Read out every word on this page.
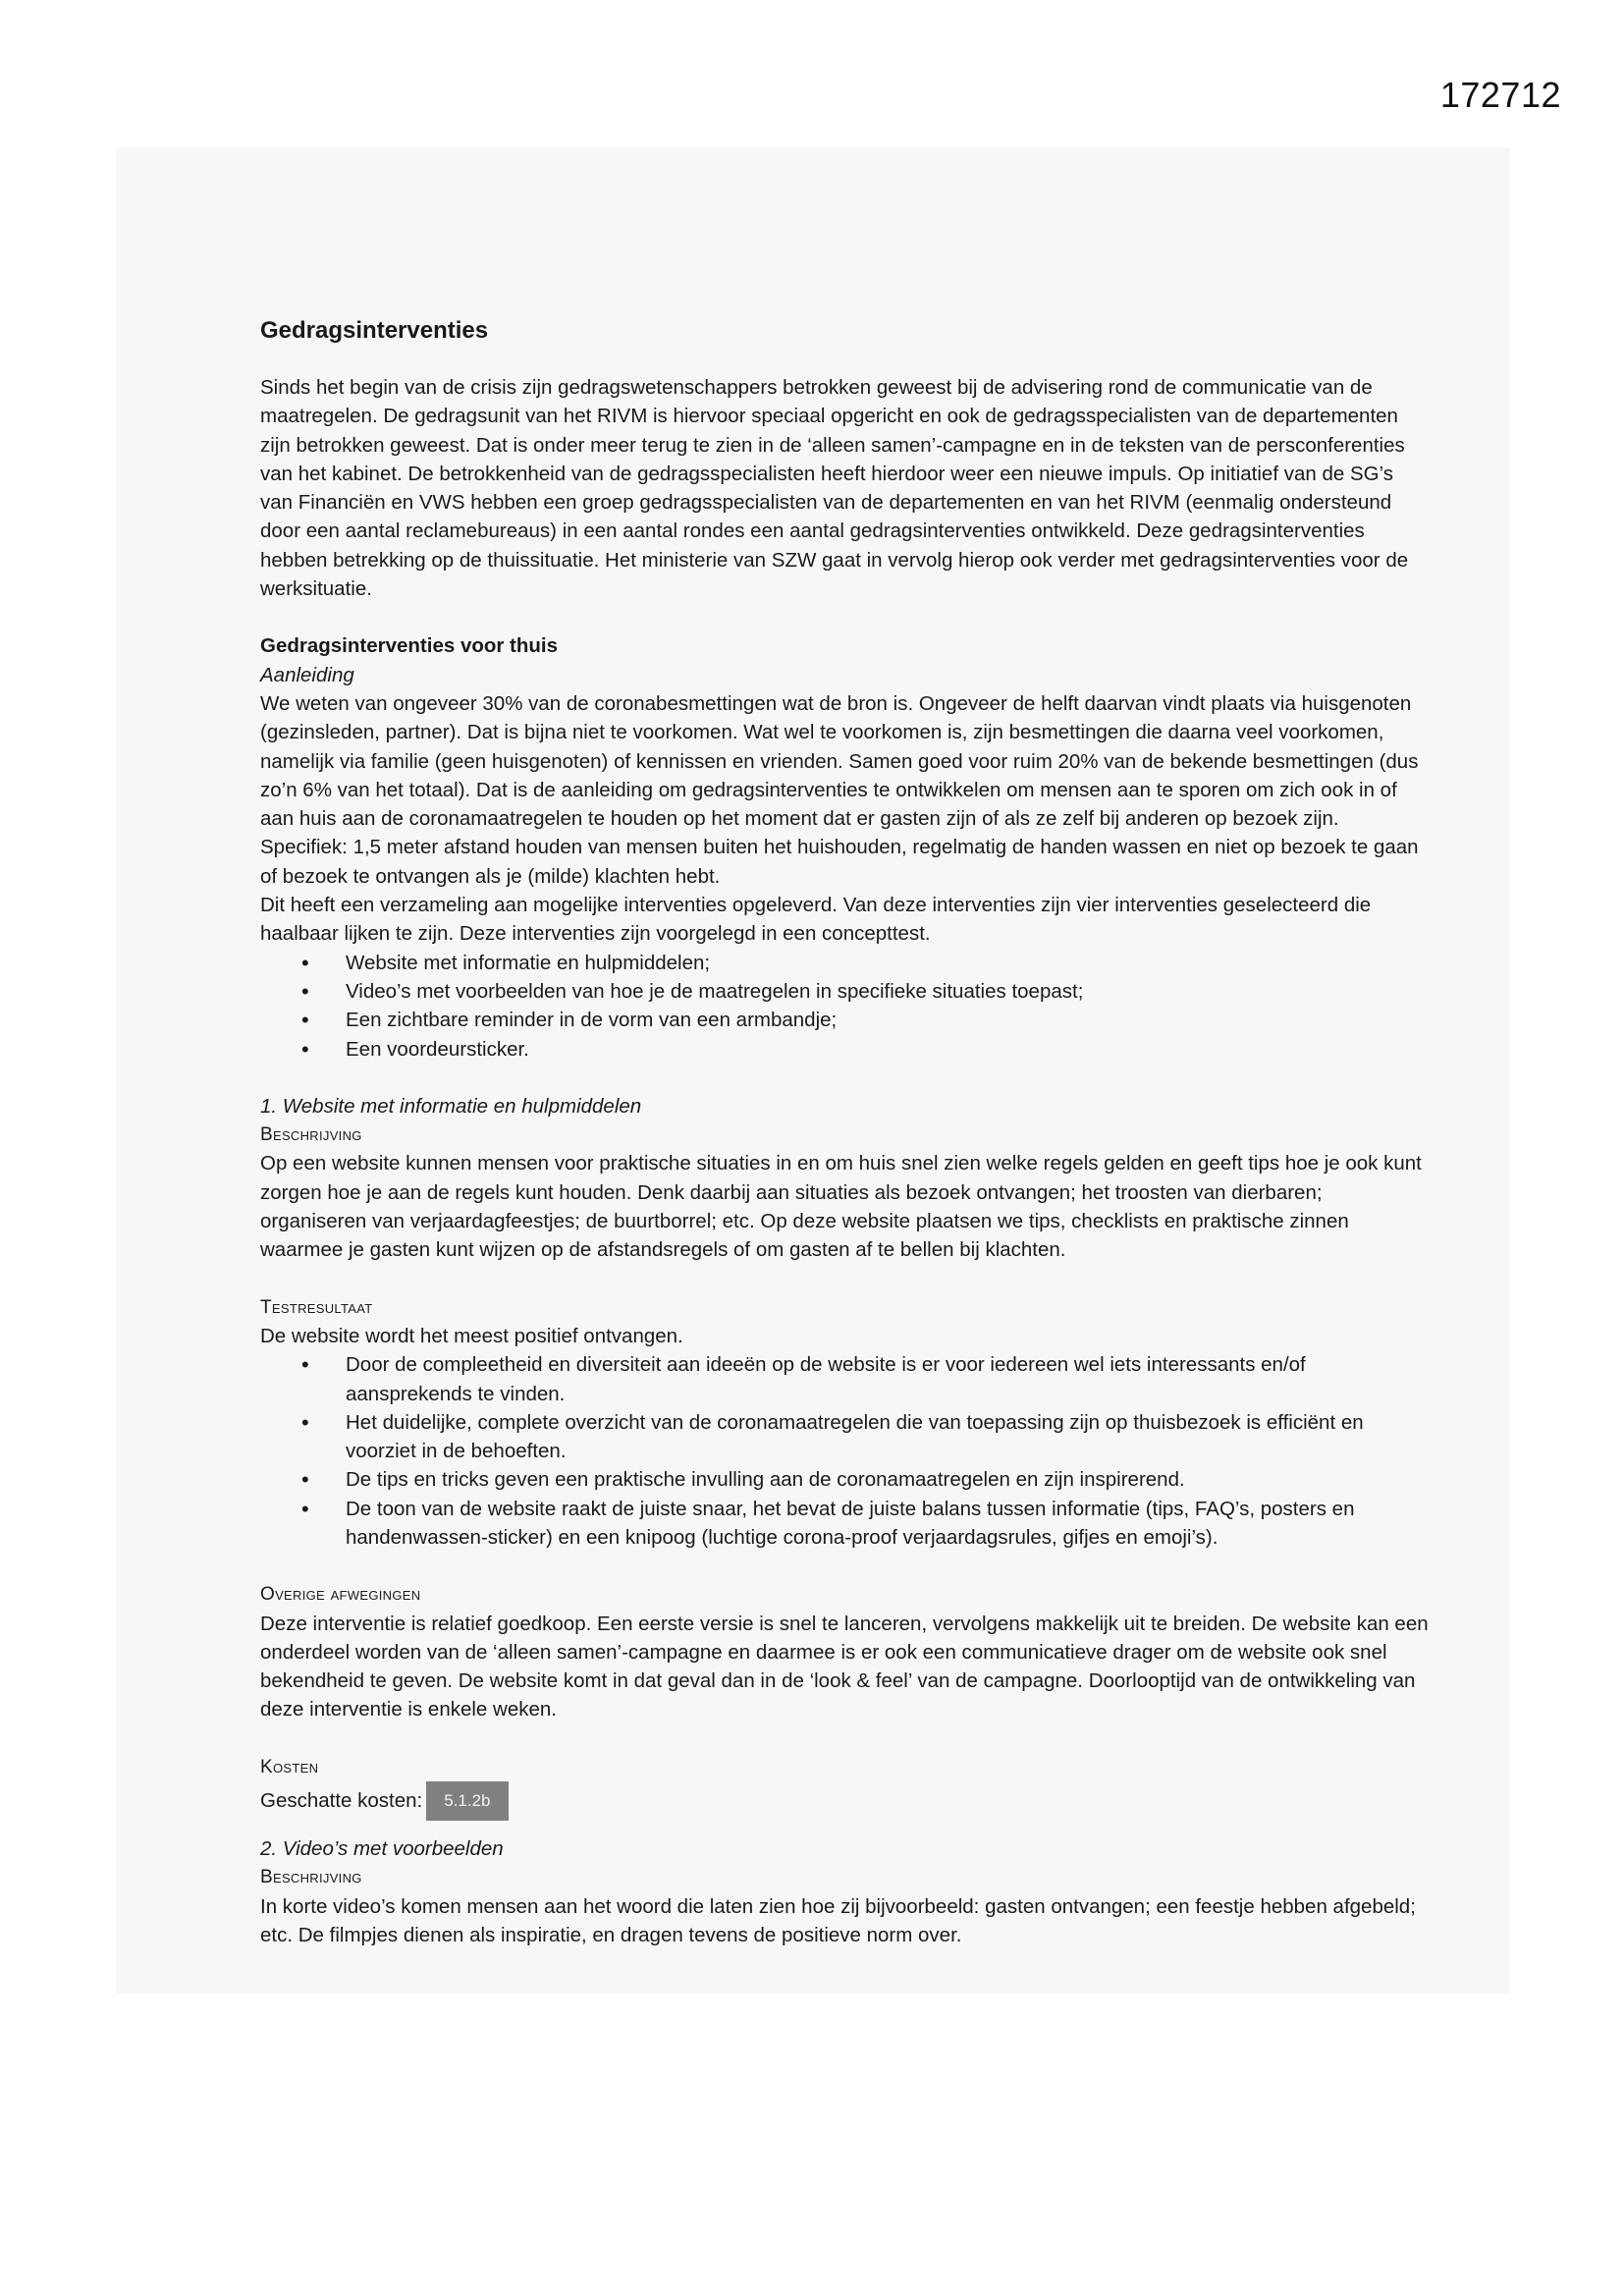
172712
Gedragsinterventies

Sinds het begin van de crisis zijn gedragswetenschappers betrokken geweest bij de advisering rond de communicatie van de maatregelen. De gedragsunit van het RIVM is hiervoor speciaal opgericht en ook de gedragsspecialisten van de departementen zijn betrokken geweest. Dat is onder meer terug te zien in de ‘alleen samen’-campagne en in de teksten van de persconferenties van het kabinet. De betrokkenheid van de gedragsspecialisten heeft hierdoor weer een nieuwe impuls. Op initiatief van de SG’s van Financiën en VWS hebben een groep gedragsspecialisten van de departementen en van het RIVM (eenmalig ondersteund door een aantal reclamebureaus) in een aantal rondes een aantal gedragsinterventies ontwikkeld. Deze gedragsinterventies hebben betrekking op de thuissituatie. Het ministerie van SZW gaat in vervolg hierop ook verder met gedragsinterventies voor de werksituatie.

Gedragsinterventies voor thuis

Aanleiding

We weten van ongeveer 30% van de coronabesmettingen wat de bron is. Ongeveer de helft daarvan vindt plaats via huisgenoten (gezinsleden, partner). Dat is bijna niet te voorkomen. Wat wel te voorkomen is, zijn besmettingen die daarna veel voorkomen, namelijk via familie (geen huisgenoten) of kennissen en vrienden. Samen goed voor ruim 20% van de bekende besmettingen (dus zo’n 6% van het totaal). Dat is de aanleiding om gedragsinterventies te ontwikkelen om mensen aan te sporen om zich ook in of aan huis aan de coronamaatregelen te houden op het moment dat er gasten zijn of als ze zelf bij anderen op bezoek zijn. Specifiek: 1,5 meter afstand houden van mensen buiten het huishouden, regelmatig de handen wassen en niet op bezoek te gaan of bezoek te ontvangen als je (milde) klachten hebt.

Dit heeft een verzameling aan mogelijke interventies opgeleverd. Van deze interventies zijn vier interventies geselecteerd die haalbaar lijken te zijn. Deze interventies zijn voorgelegd in een concepttest.

• Website met informatie en hulpmiddelen;
• Video’s met voorbeelden van hoe je de maatregelen in specifieke situaties toepast;
• Een zichtbare reminder in de vorm van een armbandje;
• Een voordeursticker.

1. Website met informatie en hulpmiddelen

Beschrijving

Op een website kunnen mensen voor praktische situaties in en om huis snel zien welke regels gelden en geeft tips hoe je ook kunt zorgen hoe je aan de regels kunt houden. Denk daarbij aan situaties als bezoek ontvangen; het troosten van dierbaren; organiseren van verjaardagfeestjes; de buurtborrel; etc. Op deze website plaatsen we tips, checklists en praktische zinnen waarmee je gasten kunt wijzen op de afstandsregels of om gasten af te bellen bij klachten.

Testresultaat

De website wordt het meest positief ontvangen.

• Door de compleetheid en diversiteit aan ideeën op de website is er voor iedereen wel iets interessants en/of aansprekends te vinden.
• Het duidelijke, complete overzicht van de coronamaatregelen die van toepassing zijn op thuisbezoek is efficiënt en voorziet in de behoeften.
• De tips en tricks geven een praktische invulling aan de coronamaatregelen en zijn inspirerend.
• De toon van de website raakt de juiste snaar, het bevat de juiste balans tussen informatie (tips, FAQ’s, posters en handenwassen-sticker) en een knipoog (luchtige corona-proof verjaardagsrules, gifjes en emoji’s).

Overige afwegingen

Deze interventie is relatief goedkoop. Een eerste versie is snel te lanceren, vervolgens makkelijk uit te breiden. De website kan een onderdeel worden van de ‘alleen samen’-campagne en daarmee is er ook een communicatieve drager om de website ook snel bekendheid te geven. De website komt in dat geval dan in de ‘look & feel’ van de campagne. Doorlooptijd van de ontwikkeling van deze interventie is enkele weken.

Kosten

Geschatte kosten:	5.1.2b

2. Video’s met voorbeelden

Beschrijving

In korte video’s komen mensen aan het woord die laten zien hoe zij bijvoorbeeld: gasten ontvangen; een feestje hebben afgebeld; etc. De filmpjes dienen als inspiratie, en dragen tevens de positieve norm over.
